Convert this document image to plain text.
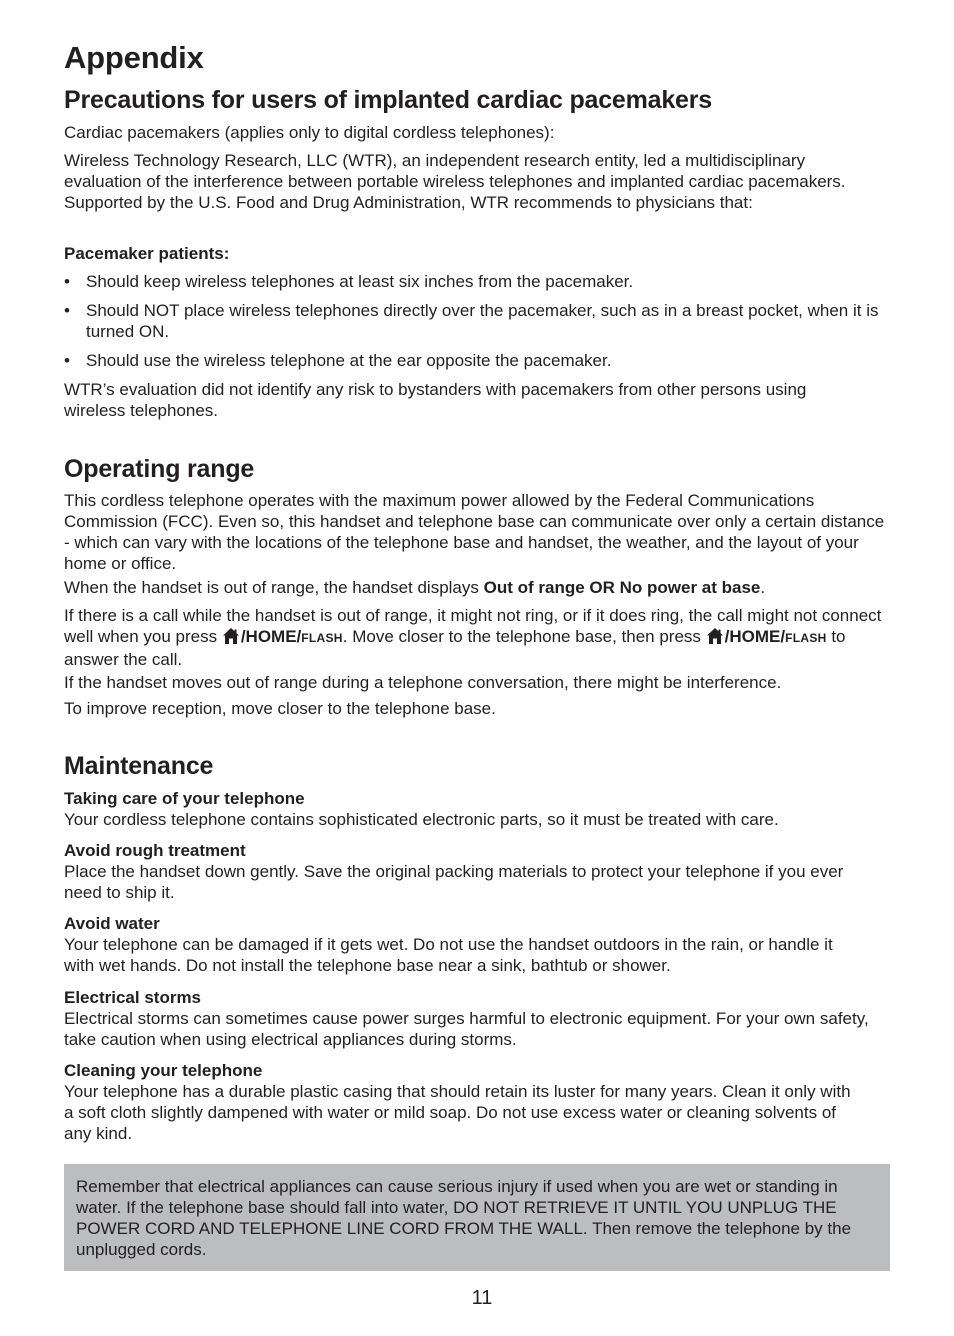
Appendix
Precautions for users of implanted cardiac pacemakers

Cardiac pacemakers (applies only to digital cordless telephones):

Wireless Technology Research, LLC (WTR), an independent research entity, led a multidisciplinary evaluation of the interference between portable wireless telephones and implanted cardiac pacemakers. Supported by the U.S. Food and Drug Administration, WTR recommends to physicians that:

Pacemaker patients:

• Should keep wireless telephones at least six inches from the pacemaker.
• Should NOT place wireless telephones directly over the pacemaker, such as in a breast pocket, when it is turned ON.
• Should use the wireless telephone at the ear opposite the pacemaker.

WTR’s evaluation did not identify any risk to bystanders with pacemakers from other persons using wireless telephones.

Operating range

This cordless telephone operates with the maximum power allowed by the Federal Communications Commission (FCC). Even so, this handset and telephone base can communicate over only a certain distance - which can vary with the locations of the telephone base and handset, the weather, and the layout of your home or office.

When the handset is out of range, the handset displays Out of range OR No power at base.

If there is a call while the handset is out of range, it might not ring, or if it does ring, the call might not connect well when you press /HOME/FLASH. Move closer to the telephone base, then press /HOME/FLASH to answer the call.

If the handset moves out of range during a telephone conversation, there might be interference.

To improve reception, move closer to the telephone base.

Maintenance

Taking care of your telephone

Your cordless telephone contains sophisticated electronic parts, so it must be treated with care.

Avoid rough treatment

Place the handset down gently. Save the original packing materials to protect your telephone if you ever need to ship it.

Avoid water

Your telephone can be damaged if it gets wet. Do not use the handset outdoors in the rain, or handle it with wet hands. Do not install the telephone base near a sink, bathtub or shower.

Electrical storms

Electrical storms can sometimes cause power surges harmful to electronic equipment. For your own safety, take caution when using electrical appliances during storms.

Cleaning your telephone

Your telephone has a durable plastic casing that should retain its luster for many years. Clean it only with a soft cloth slightly dampened with water or mild soap. Do not use excess water or cleaning solvents of any kind.

Remember that electrical appliances can cause serious injury if used when you are wet or standing in water. If the telephone base should fall into water, DO NOT RETRIEVE IT UNTIL YOU UNPLUG THE POWER CORD AND TELEPHONE LINE CORD FROM THE WALL. Then remove the telephone by the unplugged cords.

11
